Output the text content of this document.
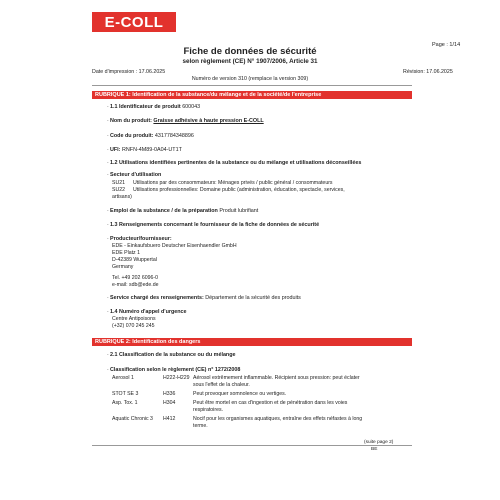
E-COLL
Page : 1/14
Fiche de données de sécurité
selon règlement (CE) N° 1907/2006, Article 31
Date d'impression : 17.06.2025	Révision: 17.06.2025
Numéro de version 310 (remplace la version 309)
RUBRIQUE 1: Identification de la substance/du mélange et de la société/de l'entreprise
· 1.1 Identificateur de produit 600043
· Nom du produit: Graisse adhésive à haute pression E-COLL
· Code du produit: 4317784348896
· UFI: RNFN-4M89-0A04-UT1T
· 1.2 Utilisations identifiées pertinentes de la substance ou du mélange et utilisations déconseillées
· Secteur d'utilisation
SU21 Utilisations par des consommateurs: Ménages privés / public général / consommateurs
SU22 Utilisations professionnelles: Domaine public (administration, éducation, spectacle, services,
artisans)
· Emploi de la substance / de la préparation Produit lubrifiant
· 1.3 Renseignements concernant le fournisseur de la fiche de données de sécurité
· Producteur/fournisseur:
EDE - Einkaufsbuero Deutscher Eisenhaendler GmbH
EDE Platz 1
D-42389 Wuppertal
Germany
Tel. +49 202 6096-0
e-mail: sdb@ede.de
· Service chargé des renseignements: Département de la sécurité des produits
· 1.4 Numéro d'appel d'urgence
Centre Antipoisons
(+32) 070 245 245
RUBRIQUE 2: Identification des dangers
· 2.1 Classification de la substance ou du mélange
· Classification selon le règlement (CE) n° 1272/2008
Aerosol 1	H222-H229 Aérosol extrêmement inflammable. Récipient sous pression: peut éclater
sous l'effet de la chaleur.
STOT SE 3	H336	Peut provoquer somnolence ou vertiges.
Asp. Tox. 1	H304	Peut être mortel en cas d'ingestion et de pénétration dans les voies
respiratoires.
Aquatic Chronic 3 H412	Nocif pour les organismes aquatiques, entraîne des effets néfastes à long
terme.
(suite page 2)
BE
